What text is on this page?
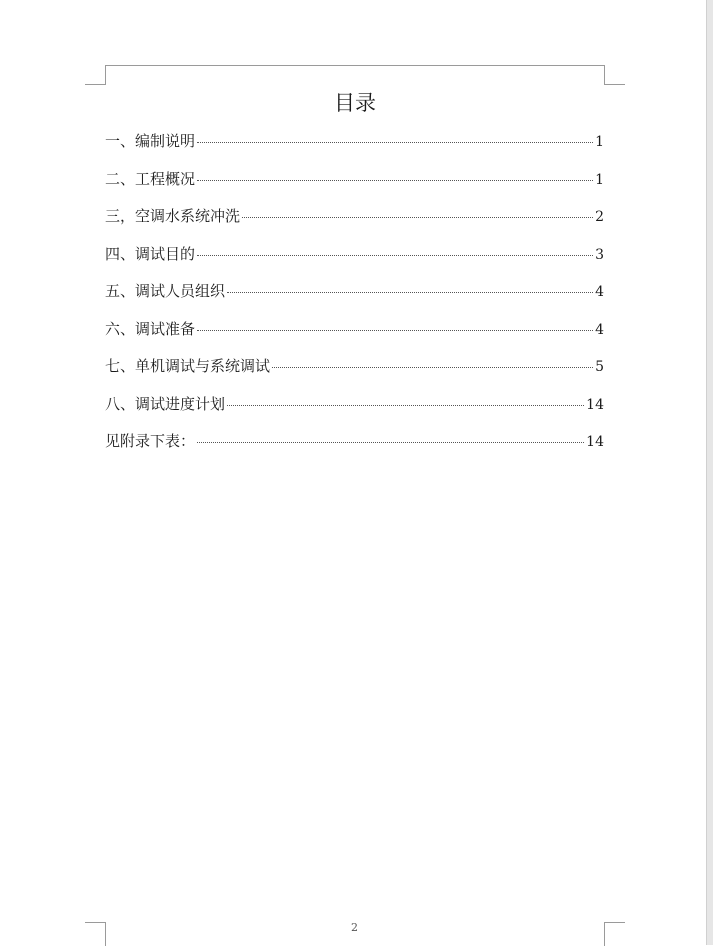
目录
一、编制说明	1
二、工程概况	1
三，空调水系统冲洗	2
四、调试目的	3
五、调试人员组织	4
六、调试准备	4
七、单机调试与系统调试	5
八、调试进度计划	14
见附录下表：	14
2
